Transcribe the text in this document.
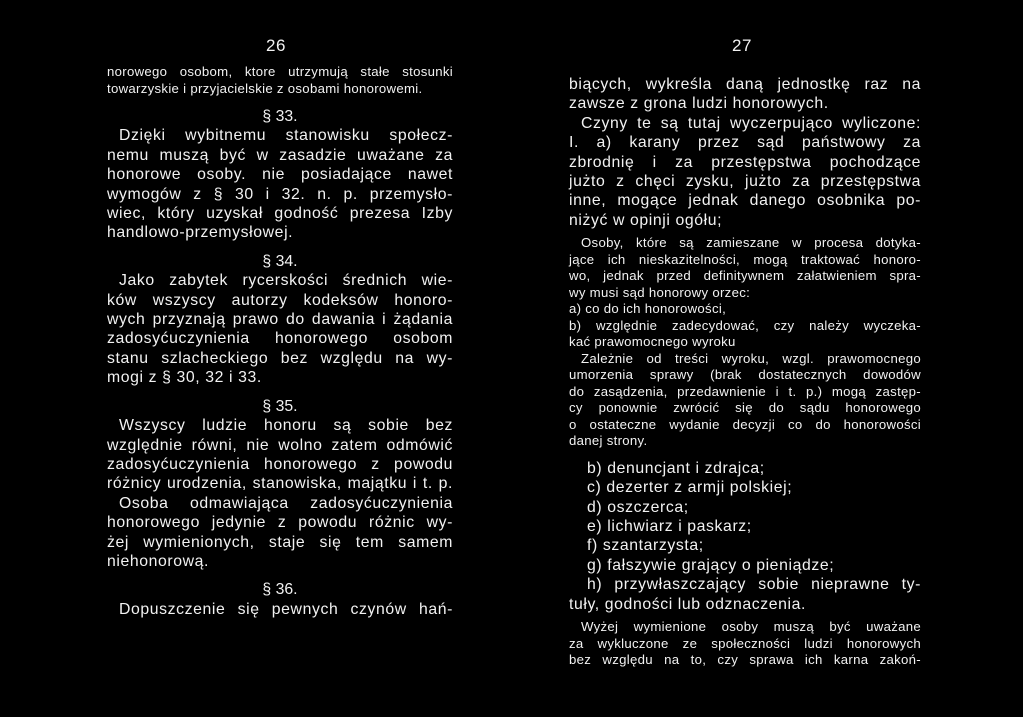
26
norowego osobom, ktore utrzymują stałe stosunki
towarzyskie i przyjacielskie z osobami honorowemi.
§ 33.
Dzięki wybitnemu stanowisku społecz-
nemu muszą być w zasadzie uważane za
honorowe osoby. nie posiadające nawet
wymogów z § 30 i 32. n. p. przemysło-
wiec, który uzyskał godność prezesa Izby
handlowo-przemysłowej.
§ 34.
Jako zabytek rycerskości średnich wie-
ków wszyscy autorzy kodeksów honoro-
wych przyznają prawo do dawania i żądania
zadosyćuczynienia honorowego osobom
stanu szlacheckiego bez względu na wy-
mogi z § 30, 32 i 33.
§ 35.
Wszyscy ludzie honoru są sobie bez
względnie równi, nie wolno zatem odmówić
zadosyćuczynienia honorowego z powodu
różnicy urodzenia, stanowiska, majątku i t. p.
Osoba odmawiająca zadosyćuczynienia
honorowego jedynie z powodu różnic wy-
żej wymienionych, staje się tem samem
niehonorową.
§ 36.
Dopuszczenie się pewnych czynów hań-
27
biących, wykreśla daną jednostkę raz na
zawsze z grona ludzi honorowych.
Czyny te są tutaj wyczerpująco wyliczone:
I. a) karany przez sąd państwowy za
zbrodnię i za przestępstwa pochodzące
jużto z chęci zysku, jużto za przestępstwa
inne, mogące jednak danego osobnika po-
niżyć w opinji ogółu;
Osoby, które są zamieszane w procesa dotyka-
jące ich nieskazitelności, mogą traktować honoro-
wo, jednak przed definitywnem załatwieniem spra-
wy musi sąd honorowy orzec:
a) co do ich honorowości,
b) względnie zadecydować, czy należy wyczeka-
kać prawomocnego wyroku
Zależnie od treści wyroku, wzgl. prawomocnego
umorzenia sprawy (brak dostatecznych dowodów
do zasądzenia, przedawnienie i t. p.) mogą zastęp-
cy ponownie zwrócić się do sądu honorowego
o ostateczne wydanie decyzji co do honorowości
danej strony.
b) denuncjant i zdrajca;
c) dezerter z armji polskiej;
d) oszczerca;
e) lichwiarz i paskarz;
f) szantarzysta;
g) fałszywie grający o pieniądze;
h) przywłaszczający sobie nieprawne ty-
tuły, godności lub odznaczenia.
Wyżej wymienione osoby muszą być uważane
za wykluczone ze społeczności ludzi honorowych
bez względu na to, czy sprawa ich karna zakoń-
